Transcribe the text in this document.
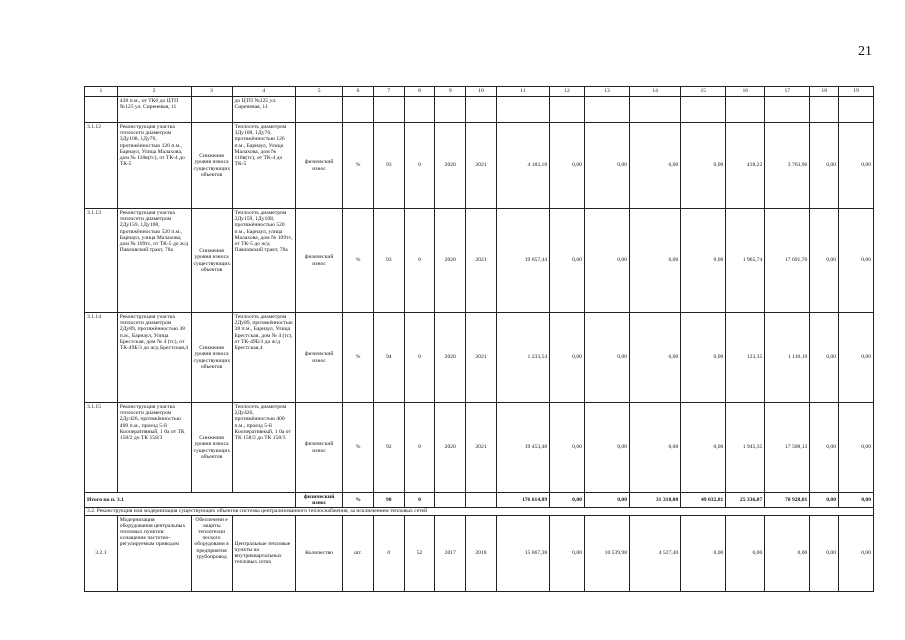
21
1	2	3	4	5	6	7	8	9	10	11	12	13	14	15	16	17	18	19
	428 п.м., от ТК6 до ЦТП №125 ул. Сиреневая, 11		до ЦТП №125 ул. Сиреневая, 11															
3.1.12	Реконструкция участка теплосети диаметром 3Ду108, 1Ду76, протяжённостью 126 п.м., Барнаул, Улица Малахова, дом № 118в(тс), от ТК-4 до ТК-5	Снижения уровня износа существующих объектов	Теплосеть диаметром 3Ду108, 1Ду76, протяжённостью 126 п.м., Барнаул, Улица Малахова, дом № 118в(тс), от ТК-4 до ТК-5	физический износ	%	93	0	2020	2021	4 182,18	0,00	0,00	0,00	0,00	418,22	3 763,96	0,00	0,00
3.1.13	Реконструкция участка теплосети диаметром 2Ду159, 1Ду108, протяжённостью 520 п.м., Барнаул, улица Малахова, дом № 109тс, от ТК-5 до ж/д Павловский тракт, 78а	Снижения уровня износа существующих объектов	Теплосеть диаметром 2Ду159, 1Ду108, протяжённостью 520 п.м., Барнаул, улица Малахова, дом № 109тс, от ТК-5 до ж/д Павловский тракт, 78а	физический износ	%	93	0	2020	2021	19 657,44	0,00	0,00	0,00	0,00	1 965,74	17 691,70	0,00	0,00
3.1.14	Реконструкция участка теплосети диаметром 2Ду89, протяжённостью 38 п.м., Барнаул, Улица Брестская, дом № 4 (тс), от ТК-49Б/3 до ж/д Брестская,4	Снижения уровня износа существующих объектов	Теплосеть диаметром 2Ду89, протяжённостью 38 п.м., Барнаул, Улица Брестская, дом № 4 (тс), от ТК-49Б/3 до ж/д Брестская,4	физический износ	%	94	0	2020	2021	1 233,54	0,00	0,00	0,00	0,00	123,35	1 110,19	0,00	0,00
3.1.15	Реконструкция участка теплосети диаметром 2Ду426, протяжённостью 400 п.м., проезд 5-й Кооперативный, 1 0а от ТК 158/2 до ТК 158/3	Снижения уровня износа существующих объектов	Теплосеть диаметром 2Ду426, протяжённостью 400 п.м., проезд 5-й Кооперативный, 1 0а от ТК 158/2 до ТК 158/3	физический износ	%	92	0	2020	2021	19 453,48	0,00	0,00	0,00	0,00	1 945,35	17 508,13	0,00	0,00
Итого по п. 3.1				физический износ	%	90	0			176 614,89	0,00	0,00	31 318,00	49 032,81	25 336,07	70 928,01	0,00	0,00
3.2. Реконструкция или модернизация существующих объектов системы централизованного теплоснабжения, за исключением тепловых сетей																		
3.2.1	Модернизация оборудования центральных тепловых пунктов: оснащение частотно-регулируемым приводом	Обеспечени е защиты теплотехни ческого оборудовани я предприятия трубопровод	Центральные тепловые пункты на внутриквартальных тепловых сетях	Количество	шт.	0	52	2017	2018	15 067,38	0,00	10 539,98	4 527,40	0,00	0,00	0,00	0,00	0,00
